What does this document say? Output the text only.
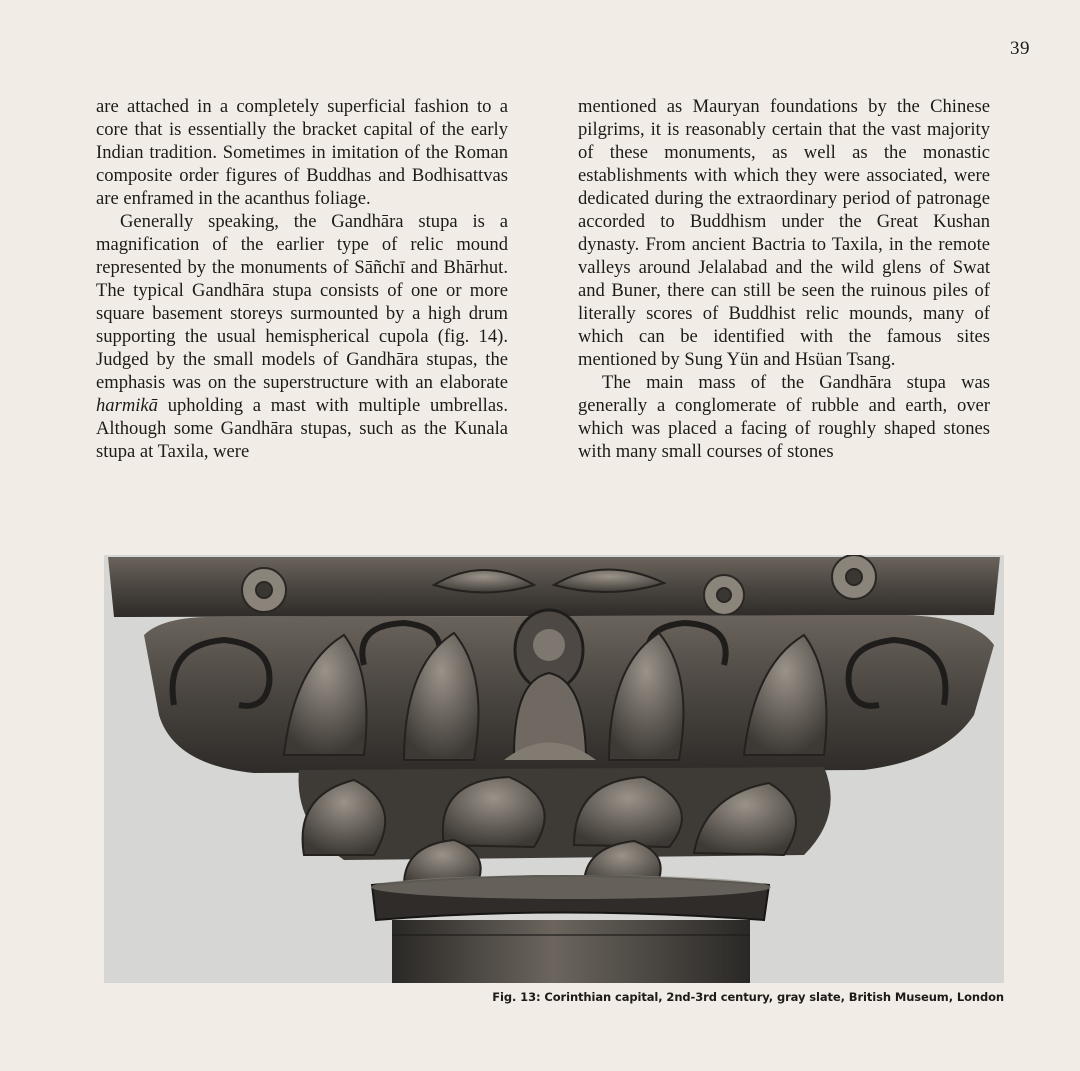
39

are attached in a completely superficial fashion to a core that is essentially the bracket capital of the early Indian tradition. Sometimes in imitation of the Roman composite order figures of Buddhas and Bodhisattvas are enframed in the acanthus foliage.

Generally speaking, the Gandhāra stupa is a magnification of the earlier type of relic mound represented by the monuments of Sāñchī and Bhārhut. The typical Gandhāra stupa consists of one or more square basement storeys surmounted by a high drum supporting the usual hemispherical cupola (fig. 14). Judged by the small models of Gandhāra stupas, the emphasis was on the superstructure with an elaborate harmikā upholding a mast with multiple umbrellas. Although some Gandhāra stupas, such as the Kunala stupa at Taxila, were

mentioned as Mauryan foundations by the Chinese pilgrims, it is reasonably certain that the vast majority of these monuments, as well as the monastic establishments with which they were associated, were dedicated during the extraordinary period of patronage accorded to Buddhism under the Great Kushan dynasty. From ancient Bactria to Taxila, in the remote valleys around Jelalabad and the wild glens of Swat and Buner, there can still be seen the ruinous piles of literally scores of Buddhist relic mounds, many of which can be identified with the famous sites mentioned by Sung Yün and Hsüan Tsang.

The main mass of the Gandhāra stupa was generally a conglomerate of rubble and earth, over which was placed a facing of roughly shaped stones with many small courses of stones

Fig. 13: Corinthian capital, 2nd-3rd century, gray slate, British Museum, London
